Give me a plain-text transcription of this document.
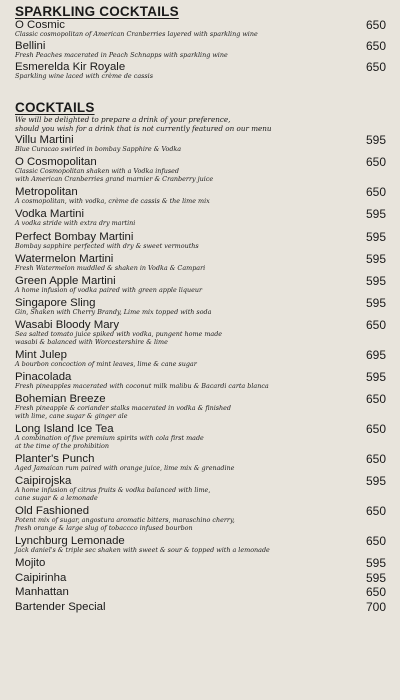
SPARKLING COCKTAILS
O Cosmic
Classic cosmopolitan of American Cranberries layered with sparkling wine
650
Bellini
Fresh Peaches macerated in Peach Schnapps with sparkling wine
650
Esmerelda Kir Royale
Sparkling wine laced with crème de cassis
650
COCKTAILS

We will be delighted to prepare a drink of your preference,
should you wish for a drink that is not currently featured on our menu

Villu Martini
Blue Curacao swirled in bombay Sapphire & Vodka
595
O Cosmopolitan
Classic Cosmopolitan shaken with a Vodka infused
with American Cranberries grand marnier & Cranberry juice
650
Metropolitan
A cosmopolitan, with vodka, crème de cassis & the lime mix
650
Vodka Martini
A vodka stride with extra dry martini
595
Perfect Bombay Martini
Bombay sapphire perfected with dry & sweet vermouths
595
Watermelon Martini
Fresh Watermelon muddled & shaken in Vodka & Campari
595
Green Apple Martini
A home infusion of vodka paired with green apple liqueur
595
Singapore Sling
Gin, Shaken with Cherry Brandy, Lime mix topped with soda
595
Wasabi Bloody Mary
Sea salted tomato juice spiked with vodka, pungent home made
wasabi & balanced with Worcestershire & lime
650
Mint Julep
A bourbon concoction of mint leaves, lime & cane sugar
695
Pinacolada
Fresh pineapples macerated with coconut milk malibu & Bacardi carta blanca
595
Bohemian Breeze
Fresh pineapple & coriander stalks macerated in vodka & finished
with lime, cane sugar & ginger ale
650
Long Island Ice Tea
A combination of five premium spirits with cola first made
at the time of the prohibition
650
Planter's Punch
Aged Jamaican rum paired with orange juice, lime mix & grenadine
650
Caipirojska
A home infusion of citrus fruits & vodka balanced with lime,
cane sugar & a lemonade
595
Old Fashioned
Potent mix of sugar, angostura aromatic bitters, maraschino cherry,
fresh orange & large slug of tobaccco infused bourbon
650
Lynchburg Lemonade
Jack daniel's & triple sec shaken with sweet & sour & topped with a lemonade
650
Mojito	595
Caipirinha	595
Manhattan	650
Bartender Special	700
